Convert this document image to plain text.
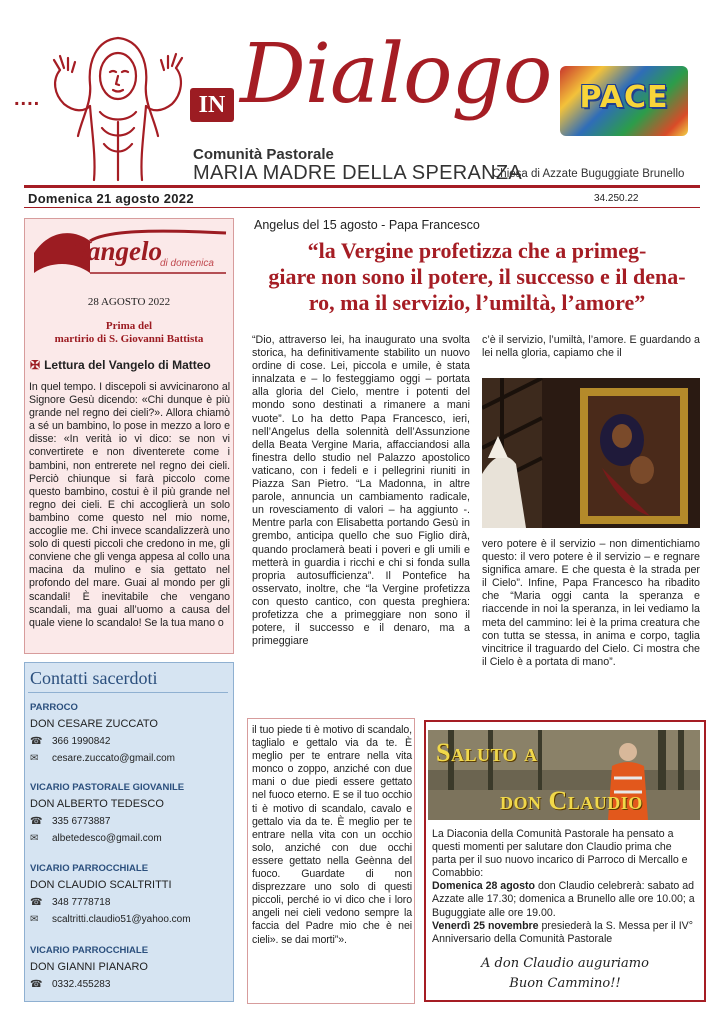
....	IN Dialogo PACE
Comunità Pastorale
MARIA MADRE DELLA SPERANZA
Chiesa di Azzate Buguggiate Brunello
Domenica 21 agosto 2022	34.250.22
Vangelo
di domenica
28 AGOSTO 2022
Prima del
martirio di S. Giovanni Battista
✠ Lettura del Vangelo di Matteo
In quel tempo. I discepoli si avvicinarono al Signore Gesù dicendo: «Chi dunque è più grande nel regno dei cieli?». Allora chiamò a sé un bambino, lo pose in mezzo a loro e disse: «In verità io vi dico: se non vi convertirete e non diventerete come i bambini, non entrerete nel regno dei cieli. Perciò chiunque si farà piccolo come questo bambino, costui è il più grande nel regno dei cieli. E chi accoglierà un solo bambino come questo nel mio nome, accoglie me. Chi invece scandalizzerà uno solo di questi piccoli che credono in me, gli conviene che gli venga appesa al collo una macina da mulino e sia gettato nel profondo del mare. Guai al mondo per gli scandali! È inevitabile che vengano scandali, ma guai all’uomo a causa del quale viene lo scandalo! Se la tua mano o
Contatti sacerdoti
PARROCO
DON CESARE ZUCCATO
☎ 366 1990842
✉ cesare.zuccato@gmail.com
VICARIO PASTORALE GIOVANILE
DON ALBERTO TEDESCO
☎ 335 6773887
✉ albetedesco@gmail.com
VICARIO PARROCCHIALE
DON CLAUDIO SCALTRITTI
☎ 348 7778718
✉ scaltritti.claudio51@yahoo.com
VICARIO PARROCCHIALE
DON GIANNI PIANARO
☎ 0332.455283
Angelus del 15 agosto - Papa Francesco
“la Vergine profetizza che a primeg-
giare non sono il potere, il successo e il dena-
ro, ma il servizio, l’umiltà, l’amore”
“Dio, attraverso lei, ha inaugurato una svolta storica, ha definitivamente stabilito un nuovo ordine di cose. Lei, piccola e umile, è stata innalzata e – lo festeggiamo oggi – portata alla gloria del Cielo, mentre i potenti del mondo sono destinati a rimanere a mani vuote”. Lo ha detto Papa Francesco, ieri, nell’Angelus della solennità dell’Assunzione della Beata Vergine Maria, affacciandosi alla finestra dello studio nel Palazzo apostolico vaticano, con i fedeli e i pellegrini riuniti in Piazza San Pietro. “La Madonna, in altre parole, annuncia un cambiamento radicale, un rovesciamento di valori – ha aggiunto -. Mentre parla con Elisabetta portando Gesù in grembo, anticipa quello che suo Figlio dirà, quando proclamerà beati i poveri e gli umili e metterà in guardia i ricchi e chi si fonda sulla propria autosufficienza”. Il Pontefice ha osservato, inoltre, che “la Vergine profetizza con questo cantico, con questa preghiera: profetizza che a primeggiare non sono il potere, il successo e il denaro, ma a primeggiare
c’è il servizio, l’umiltà, l’amore. E guardando a lei nella gloria, capiamo che il
vero potere è il servizio – non dimentichiamo questo: il vero potere è il servizio – e regnare significa amare. E che questa è la strada per il Cielo”. Infine, Papa Francesco ha ribadito che “Maria oggi canta la speranza e riaccende in noi la speranza, in lei vediamo la meta del cammino: lei è la prima creatura che con tutta se stessa, in anima e corpo, taglia vincitrice il traguardo del Cielo. Ci mostra che il Cielo è a portata di mano”.
il tuo piede ti è motivo di scandalo, taglialo e gettalo via da te. È meglio per te entrare nella vita monco o zoppo, anziché con due mani o due piedi essere gettato nel fuoco eterno. E se il tuo occhio ti è motivo di scandalo, cavalo e gettalo via da te. È meglio per te entrare nella vita con un occhio solo, anziché con due occhi essere gettato nella Geènna del fuoco. Guardate di non disprezzare uno solo di questi piccoli, perché io vi dico che i loro angeli nei cieli vedono sempre la faccia del Padre mio che è nei cieli». se dai morti”».
Saluto a
don Claudio
La Diaconia della Comunità Pastorale ha pensato a questi momenti per salutare don Claudio prima che parta per il suo nuovo incarico di Parroco di Mercallo e Comabbio:
Domenica 28 agosto don Claudio celebrerà: sabato ad Azzate alle 17.30; domenica a Brunello alle ore 10.00; a Buguggiate alle ore 19.00.
Venerdì 25 novembre presiederà la S. Messa per il IV° Anniversario della Comunità Pastorale
A don Claudio auguriamo
Buon Cammino!!
